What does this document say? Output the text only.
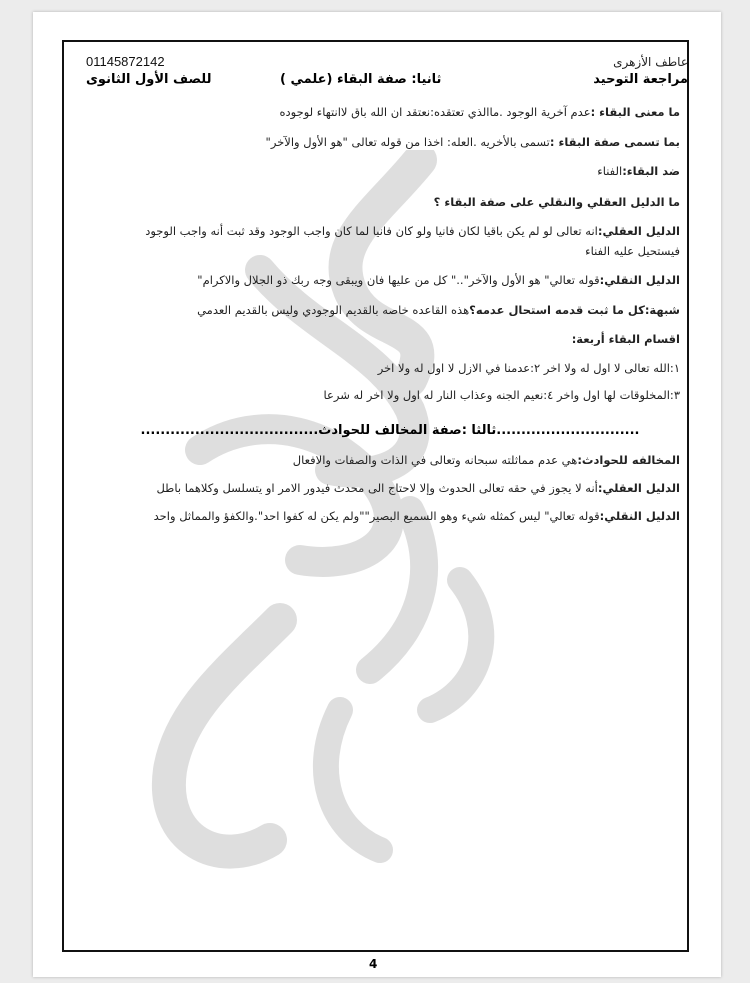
01145872142	عاطف الأزهرى
مراجعة التوحيد
ثانيا: صفة البقاء (علمي )
للصف الأول الثانوى
ما معنى البقاء :عدم آخرية الوجود .ماالذي تعتقده:نعتقد ان الله باق لاانتهاء لوجوده
بما تسمى صفة البقاء :تسمى بالأخريه .العله: اخذا من قوله تعالى "هو الأول والآخر"
ضد البقاء:الفناء
ما الدليل العقلي والنقلي على صفة البقاء ؟
الدليل العقلي:انه تعالى لو لم يكن باقيا لكان فانيا ولو كان فانيا لما كان واجب الوجود وقد ثبت أنه واجب الوجود
فيستحيل عليه الفناء
الدليل النقلي:قوله تعالي" هو الأول والآخر".." كل من عليها فان ويبقى وجه ربك ذو الجلال والاكرام"
شبهة:كل ما ثبت قدمه استحال عدمه؟هذه القاعده خاصه بالقديم الوجودي وليس بالقديم العدمي
اقسام البقاء أربعة:
١:الله تعالى لا اول له ولا اخر ٢:عدمنا في الازل لا اول له ولا اخر
٣:المخلوقات لها اول واخر ٤:نعيم الجنه وعذاب النار له اول ولا اخر له شرعا
المخالفه للحوادث:هي عدم مماثلته سبحانه وتعالى في الذات والصفات والافعال
الدليل العقلي:أنه لا يجوز في حقه تعالى الحدوث وإلا لاحتاج الى محدث فيدور الامر او يتسلسل وكلاهما باطل
الدليل النقلي:قوله تعالي" ليس كمثله شيء وهو السميع البصير""ولم يكن له كفوا احد".والكفؤ والمماثل واحد
.............................ثالثا :صفة المخالف للحوادث....................................
4
